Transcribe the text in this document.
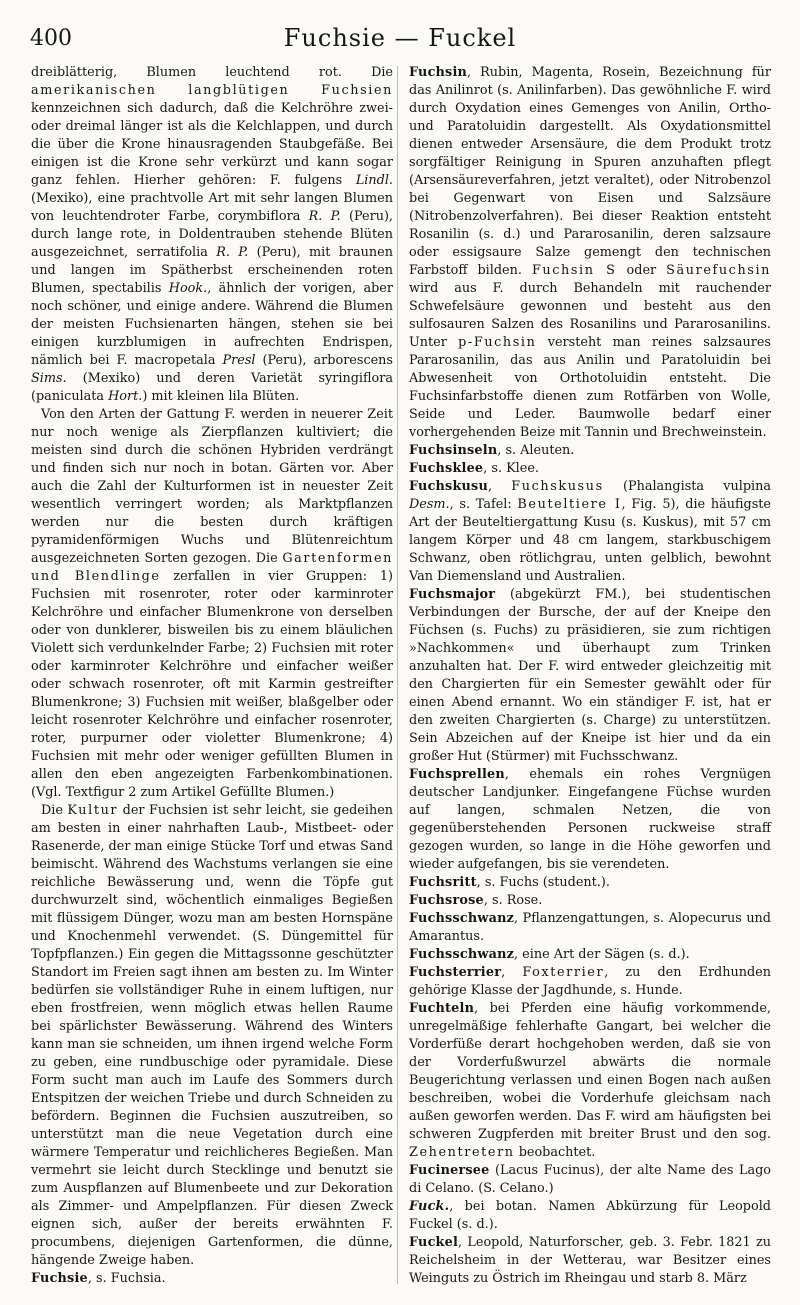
400	Fuchsie — Fuckel

dreiblätterig, Blumen leuchtend rot. Die amerikanischen langblütigen Fuchsien kennzeichnen sich dadurch, daß die Kelchröhre zwei- oder dreimal länger ist als die Kelchlappen, und durch die über die Krone hinausragenden Staubgefäße. Bei einigen ist die Krone sehr verkürzt und kann sogar ganz fehlen. Hierher gehören: F. fulgens Lindl. (Mexiko), eine prachtvolle Art mit sehr langen Blumen von leuchtendroter Farbe, corymbiflora R. P. (Peru), durch lange rote, in Doldentrauben stehende Blüten ausgezeichnet, serratifolia R. P. (Peru), mit braunen und langen im Spätherbst erscheinenden roten Blumen, spectabilis Hook., ähnlich der vorigen, aber noch schöner, und einige andere. Während die Blumen der meisten Fuchsienarten hängen, stehen sie bei einigen kurzblumigen in aufrechten Endrispen, nämlich bei F. macropetala Presl (Peru), arborescens Sims. (Mexiko) und deren Varietät syringiflora (paniculata Hort.) mit kleinen lila Blüten.

Von den Arten der Gattung F. werden in neuerer Zeit nur noch wenige als Zierpflanzen kultiviert; die meisten sind durch die schönen Hybriden verdrängt und finden sich nur noch in botan. Gärten vor. Aber auch die Zahl der Kulturformen ist in neuester Zeit wesentlich verringert worden; als Marktpflanzen werden nur die besten durch kräftigen pyramidenförmigen Wuchs und Blütenreichtum ausgezeichneten Sorten gezogen. Die Gartenformen und Blendlinge zerfallen in vier Gruppen: 1) Fuchsien mit rosenroter, roter oder karminroter Kelchröhre und einfacher Blumenkrone von derselben oder von dunklerer, bisweilen bis zu einem bläulichen Violett sich verdunkelnder Farbe; 2) Fuchsien mit roter oder karminroter Kelchröhre und einfacher weißer oder schwach rosenroter, oft mit Karmin gestreifter Blumenkrone; 3) Fuchsien mit weißer, blaßgelber oder leicht rosenroter Kelchröhre und einfacher rosenroter, roter, purpurner oder violetter Blumenkrone; 4) Fuchsien mit mehr oder weniger gefüllten Blumen in allen den eben angezeigten Farbenkombinationen. (Vgl. Textfigur 2 zum Artikel Gefüllte Blumen.)

Die Kultur der Fuchsien ist sehr leicht, sie gedeihen am besten in einer nahrhaften Laub-, Mistbeet- oder Rasenerde, der man einige Stücke Torf und etwas Sand beimischt. Während des Wachstums verlangen sie eine reichliche Bewässerung und, wenn die Töpfe gut durchwurzelt sind, wöchentlich einmaliges Begießen mit flüssigem Dünger, wozu man am besten Hornspäne und Knochenmehl verwendet. (S. Düngemittel für Topfpflanzen.) Ein gegen die Mittagssonne geschützter Standort im Freien sagt ihnen am besten zu. Im Winter bedürfen sie vollständiger Ruhe in einem luftigen, nur eben frostfreien, wenn möglich etwas hellen Raume bei spärlichster Bewässerung. Während des Winters kann man sie schneiden, um ihnen irgend welche Form zu geben, eine rundbuschige oder pyramidale. Diese Form sucht man auch im Laufe des Sommers durch Entspitzen der weichen Triebe und durch Schneiden zu befördern. Beginnen die Fuchsien auszutreiben, so unterstützt man die neue Vegetation durch eine wärmere Temperatur und reichlicheres Begießen. Man vermehrt sie leicht durch Stecklinge und benutzt sie zum Auspflanzen auf Blumenbeete und zur Dekoration als Zimmer- und Ampelpflanzen. Für diesen Zweck eignen sich, außer der bereits erwähnten F. procumbens, diejenigen Gartenformen, die dünne, hängende Zweige haben.

Fuchsie, s. Fuchsia.

Fuchsin, Rubin, Magenta, Rosein, Bezeichnung für das Anilinrot (s. Anilinfarben). Das gewöhnliche F. wird durch Oxydation eines Gemenges von Anilin, Ortho- und Paratoluidin dargestellt. Als Oxydationsmittel dienen entweder Arsensäure, die dem Produkt trotz sorgfältiger Reinigung in Spuren anzuhaften pflegt (Arsensäureverfahren, jetzt veraltet), oder Nitrobenzol bei Gegenwart von Eisen und Salzsäure (Nitrobenzolverfahren). Bei dieser Reaktion entsteht Rosanilin (s. d.) und Pararosanilin, deren salzsaure oder essigsaure Salze gemengt den technischen Farbstoff bilden. Fuchsin S oder Säurefuchsin wird aus F. durch Behandeln mit rauchender Schwefelsäure gewonnen und besteht aus den sulfosauren Salzen des Rosanilins und Pararosanilins. Unter p-Fuchsin versteht man reines salzsaures Pararosanilin, das aus Anilin und Paratoluidin bei Abwesenheit von Orthotoluidin entsteht. Die Fuchsinfarbstoffe dienen zum Rotfärben von Wolle, Seide und Leder. Baumwolle bedarf einer vorhergehenden Beize mit Tannin und Brechweinstein.

Fuchsinseln, s. Aleuten.

Fuchsklee, s. Klee.

Fuchskusu, Fuchskusus (Phalangista vulpina Desm., s. Tafel: Beuteltiere I, Fig. 5), die häufigste Art der Beuteltiergattung Kusu (s. Kuskus), mit 57 cm langem Körper und 48 cm langem, starkbuschigem Schwanz, oben rötlichgrau, unten gelblich, bewohnt Van Diemensland und Australien.

Fuchsmajor (abgekürzt FM.), bei studentischen Verbindungen der Bursche, der auf der Kneipe den Füchsen (s. Fuchs) zu präsidieren, sie zum richtigen »Nachkommen« und überhaupt zum Trinken anzuhalten hat. Der F. wird entweder gleichzeitig mit den Chargierten für ein Semester gewählt oder für einen Abend ernannt. Wo ein ständiger F. ist, hat er den zweiten Chargierten (s. Charge) zu unterstützen. Sein Abzeichen auf der Kneipe ist hier und da ein großer Hut (Stürmer) mit Fuchsschwanz.

Fuchsprellen, ehemals ein rohes Vergnügen deutscher Landjunker. Eingefangene Füchse wurden auf langen, schmalen Netzen, die von gegenüberstehenden Personen ruckweise straff gezogen wurden, so lange in die Höhe geworfen und wieder aufgefangen, bis sie verendeten.

Fuchsritt, s. Fuchs (student.).

Fuchsrose, s. Rose.

Fuchsschwanz, Pflanzengattungen, s. Alopecurus und Amarantus.

Fuchsschwanz, eine Art der Sägen (s. d.).

Fuchsterrier, Foxterrier, zu den Erdhunden gehörige Klasse der Jagdhunde, s. Hunde.

Fuchteln, bei Pferden eine häufig vorkommende, unregelmäßige fehlerhafte Gangart, bei welcher die Vorderfüße derart hochgehoben werden, daß sie von der Vorderfußwurzel abwärts die normale Beugerichtung verlassen und einen Bogen nach außen beschreiben, wobei die Vorderhufe gleichsam nach außen geworfen werden. Das F. wird am häufigsten bei schweren Zugpferden mit breiter Brust und den sog. Zehentretern beobachtet.

Fucinersee (Lacus Fucinus), der alte Name des Lago di Celano. (S. Celano.)

Fuck., bei botan. Namen Abkürzung für Leopold Fuckel (s. d.).

Fuckel, Leopold, Naturforscher, geb. 3. Febr. 1821 zu Reichelsheim in der Wetterau, war Besitzer eines Weinguts zu Östrich im Rheingau und starb 8. März
